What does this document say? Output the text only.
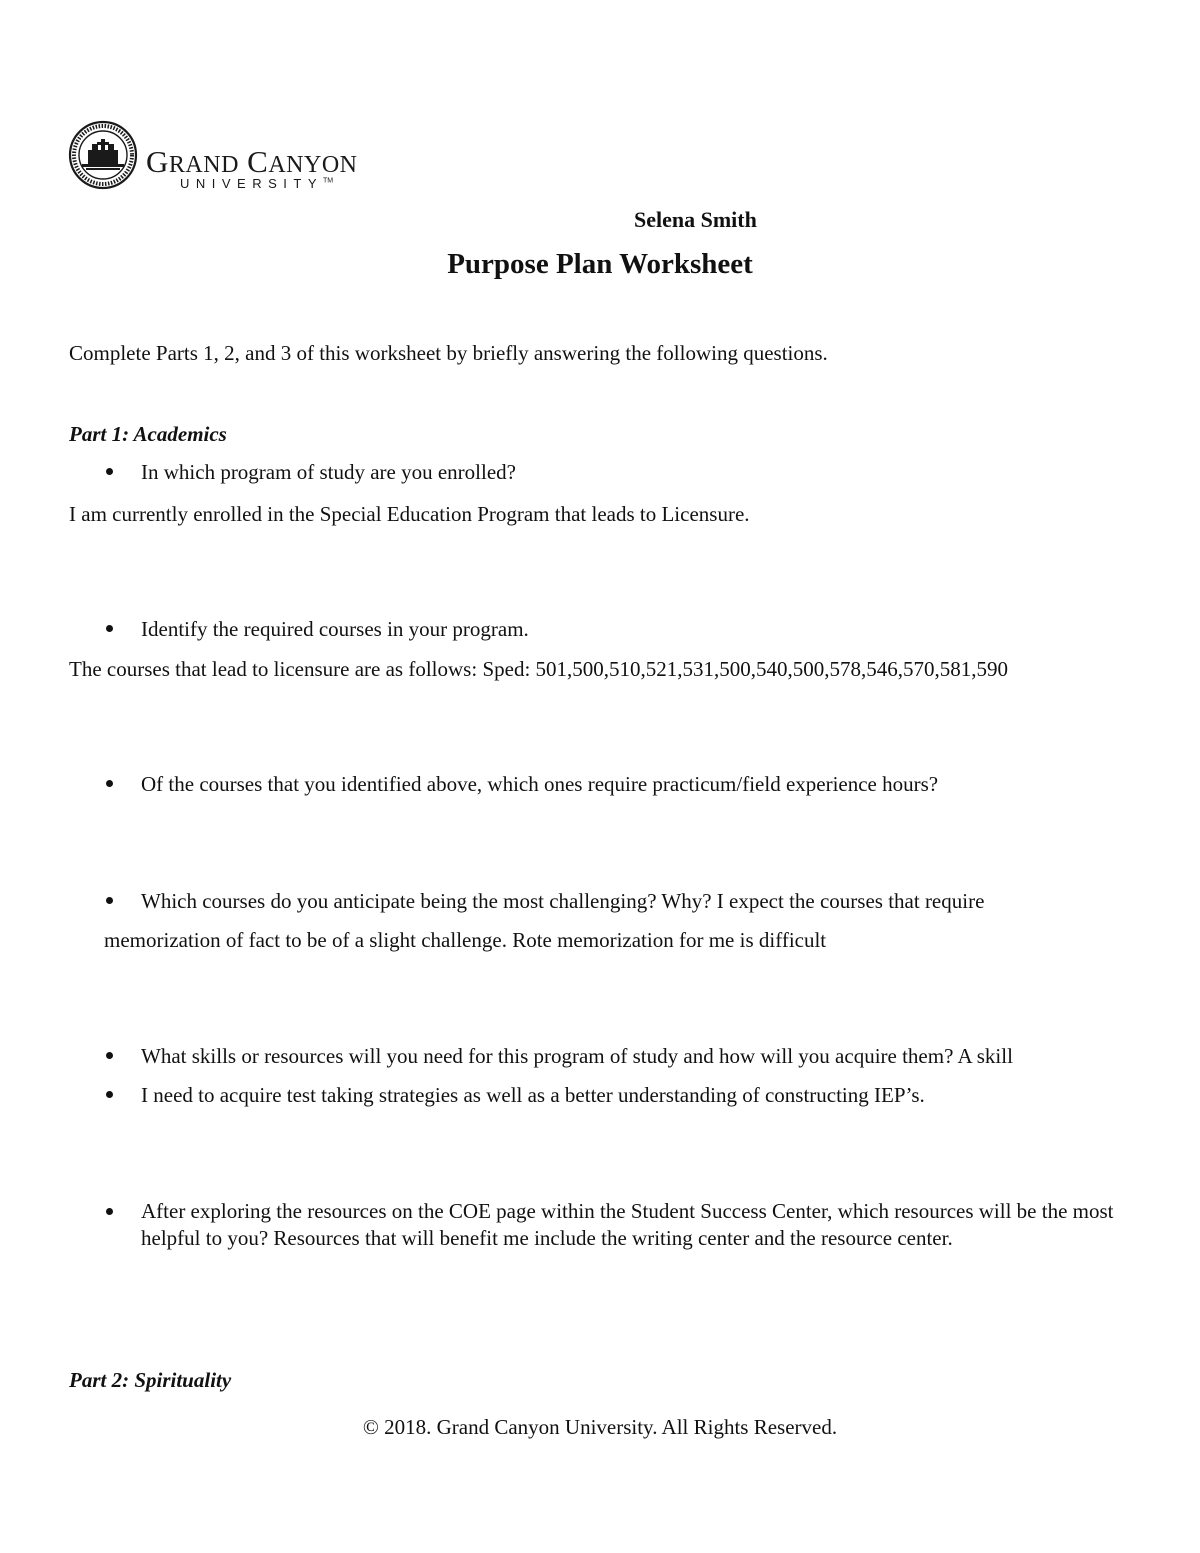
GRAND CANYON
UNIVERSITY™
Selena Smith
Purpose Plan Worksheet
Complete Parts 1, 2, and 3 of this worksheet by briefly answering the following questions.
Part 1: Academics
In which program of study are you enrolled?
I am currently enrolled in the Special Education Program that leads to Licensure.
Identify the required courses in your program.
The courses that lead to licensure are as follows: Sped: 501,500,510,521,531,500,540,500,578,546,570,581,590
Of the courses that you identified above, which ones require practicum/field experience hours?
Which courses do you anticipate being the most challenging? Why? I expect the courses that require
memorization of fact to be of a slight challenge. Rote memorization for me is difficult
What skills or resources will you need for this program of study and how will you acquire them? A skill
I need to acquire test taking strategies as well as a better understanding of constructing IEP’s.
After exploring the resources on the COE page within the Student Success Center, which resources will be the most helpful to you? Resources that will benefit me include the writing center and the resource center.
Part 2: Spirituality
© 2018. Grand Canyon University. All Rights Reserved.
